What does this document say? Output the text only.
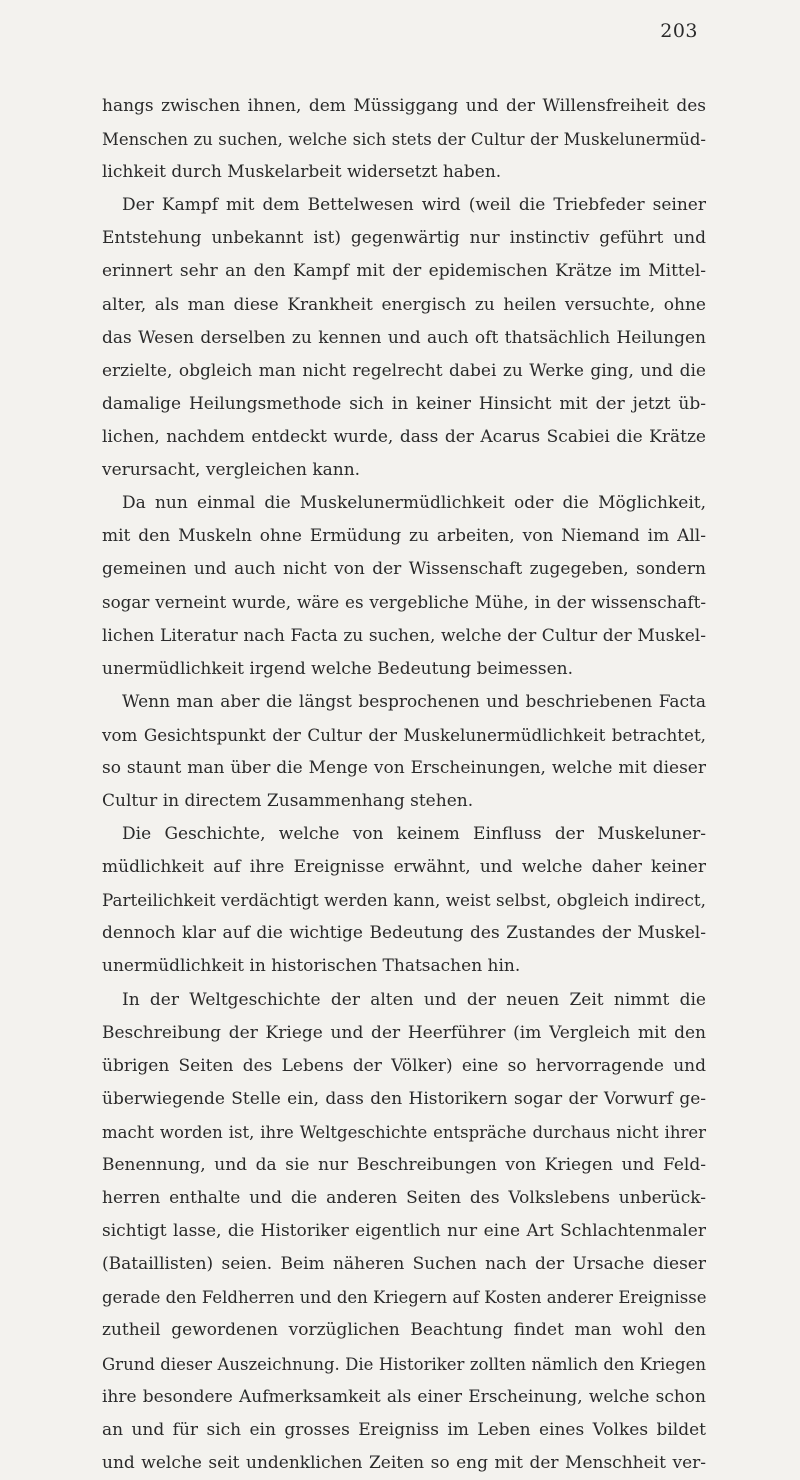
203
hangs zwischen ihnen, dem Müssiggang und der Willensfreiheit des
Menschen zu suchen, welche sich stets der Cultur der Muskelunermüd-
lichkeit durch Muskelarbeit widersetzt haben.
Der Kampf mit dem Bettelwesen wird (weil die Triebfeder seiner
Entstehung unbekannt ist) gegenwärtig nur instinctiv geführt und
erinnert sehr an den Kampf mit der epidemischen Krätze im Mittel-
alter, als man diese Krankheit energisch zu heilen versuchte, ohne
das Wesen derselben zu kennen und auch oft thatsächlich Heilungen
erzielte, obgleich man nicht regelrecht dabei zu Werke ging, und die
damalige Heilungsmethode sich in keiner Hinsicht mit der jetzt üb-
lichen, nachdem entdeckt wurde, dass der Acarus Scabiei die Krätze
verursacht, vergleichen kann.
Da nun einmal die Muskelunermüdlichkeit oder die Möglichkeit,
mit den Muskeln ohne Ermüdung zu arbeiten, von Niemand im All-
gemeinen und auch nicht von der Wissenschaft zugegeben, sondern
sogar verneint wurde, wäre es vergebliche Mühe, in der wissenschaft-
lichen Literatur nach Facta zu suchen, welche der Cultur der Muskel-
unermüdlichkeit irgend welche Bedeutung beimessen.
Wenn man aber die längst besprochenen und beschriebenen Facta
vom Gesichtspunkt der Cultur der Muskelunermüdlichkeit betrachtet,
so staunt man über die Menge von Erscheinungen, welche mit dieser
Cultur in directem Zusammenhang stehen.
Die Geschichte, welche von keinem Einfluss der Muskeluner-
müdlichkeit auf ihre Ereignisse erwähnt, und welche daher keiner
Parteilichkeit verdächtigt werden kann, weist selbst, obgleich indirect,
dennoch klar auf die wichtige Bedeutung des Zustandes der Muskel-
unermüdlichkeit in historischen Thatsachen hin.
In der Weltgeschichte der alten und der neuen Zeit nimmt die
Beschreibung der Kriege und der Heerführer (im Vergleich mit den
übrigen Seiten des Lebens der Völker) eine so hervorragende und
überwiegende Stelle ein, dass den Historikern sogar der Vorwurf ge-
macht worden ist, ihre Weltgeschichte entspräche durchaus nicht ihrer
Benennung, und da sie nur Beschreibungen von Kriegen und Feld-
herren enthalte und die anderen Seiten des Volkslebens unberück-
sichtigt lasse, die Historiker eigentlich nur eine Art Schlachtenmaler
(Bataillisten) seien. Beim näheren Suchen nach der Ursache dieser
gerade den Feldherren und den Kriegern auf Kosten anderer Ereignisse
zutheil gewordenen vorzüglichen Beachtung findet man wohl den
Grund dieser Auszeichnung. Die Historiker zollten nämlich den Kriegen
ihre besondere Aufmerksamkeit als einer Erscheinung, welche schon
an und für sich ein grosses Ereigniss im Leben eines Volkes bildet
und welche seit undenklichen Zeiten so eng mit der Menschheit ver-
